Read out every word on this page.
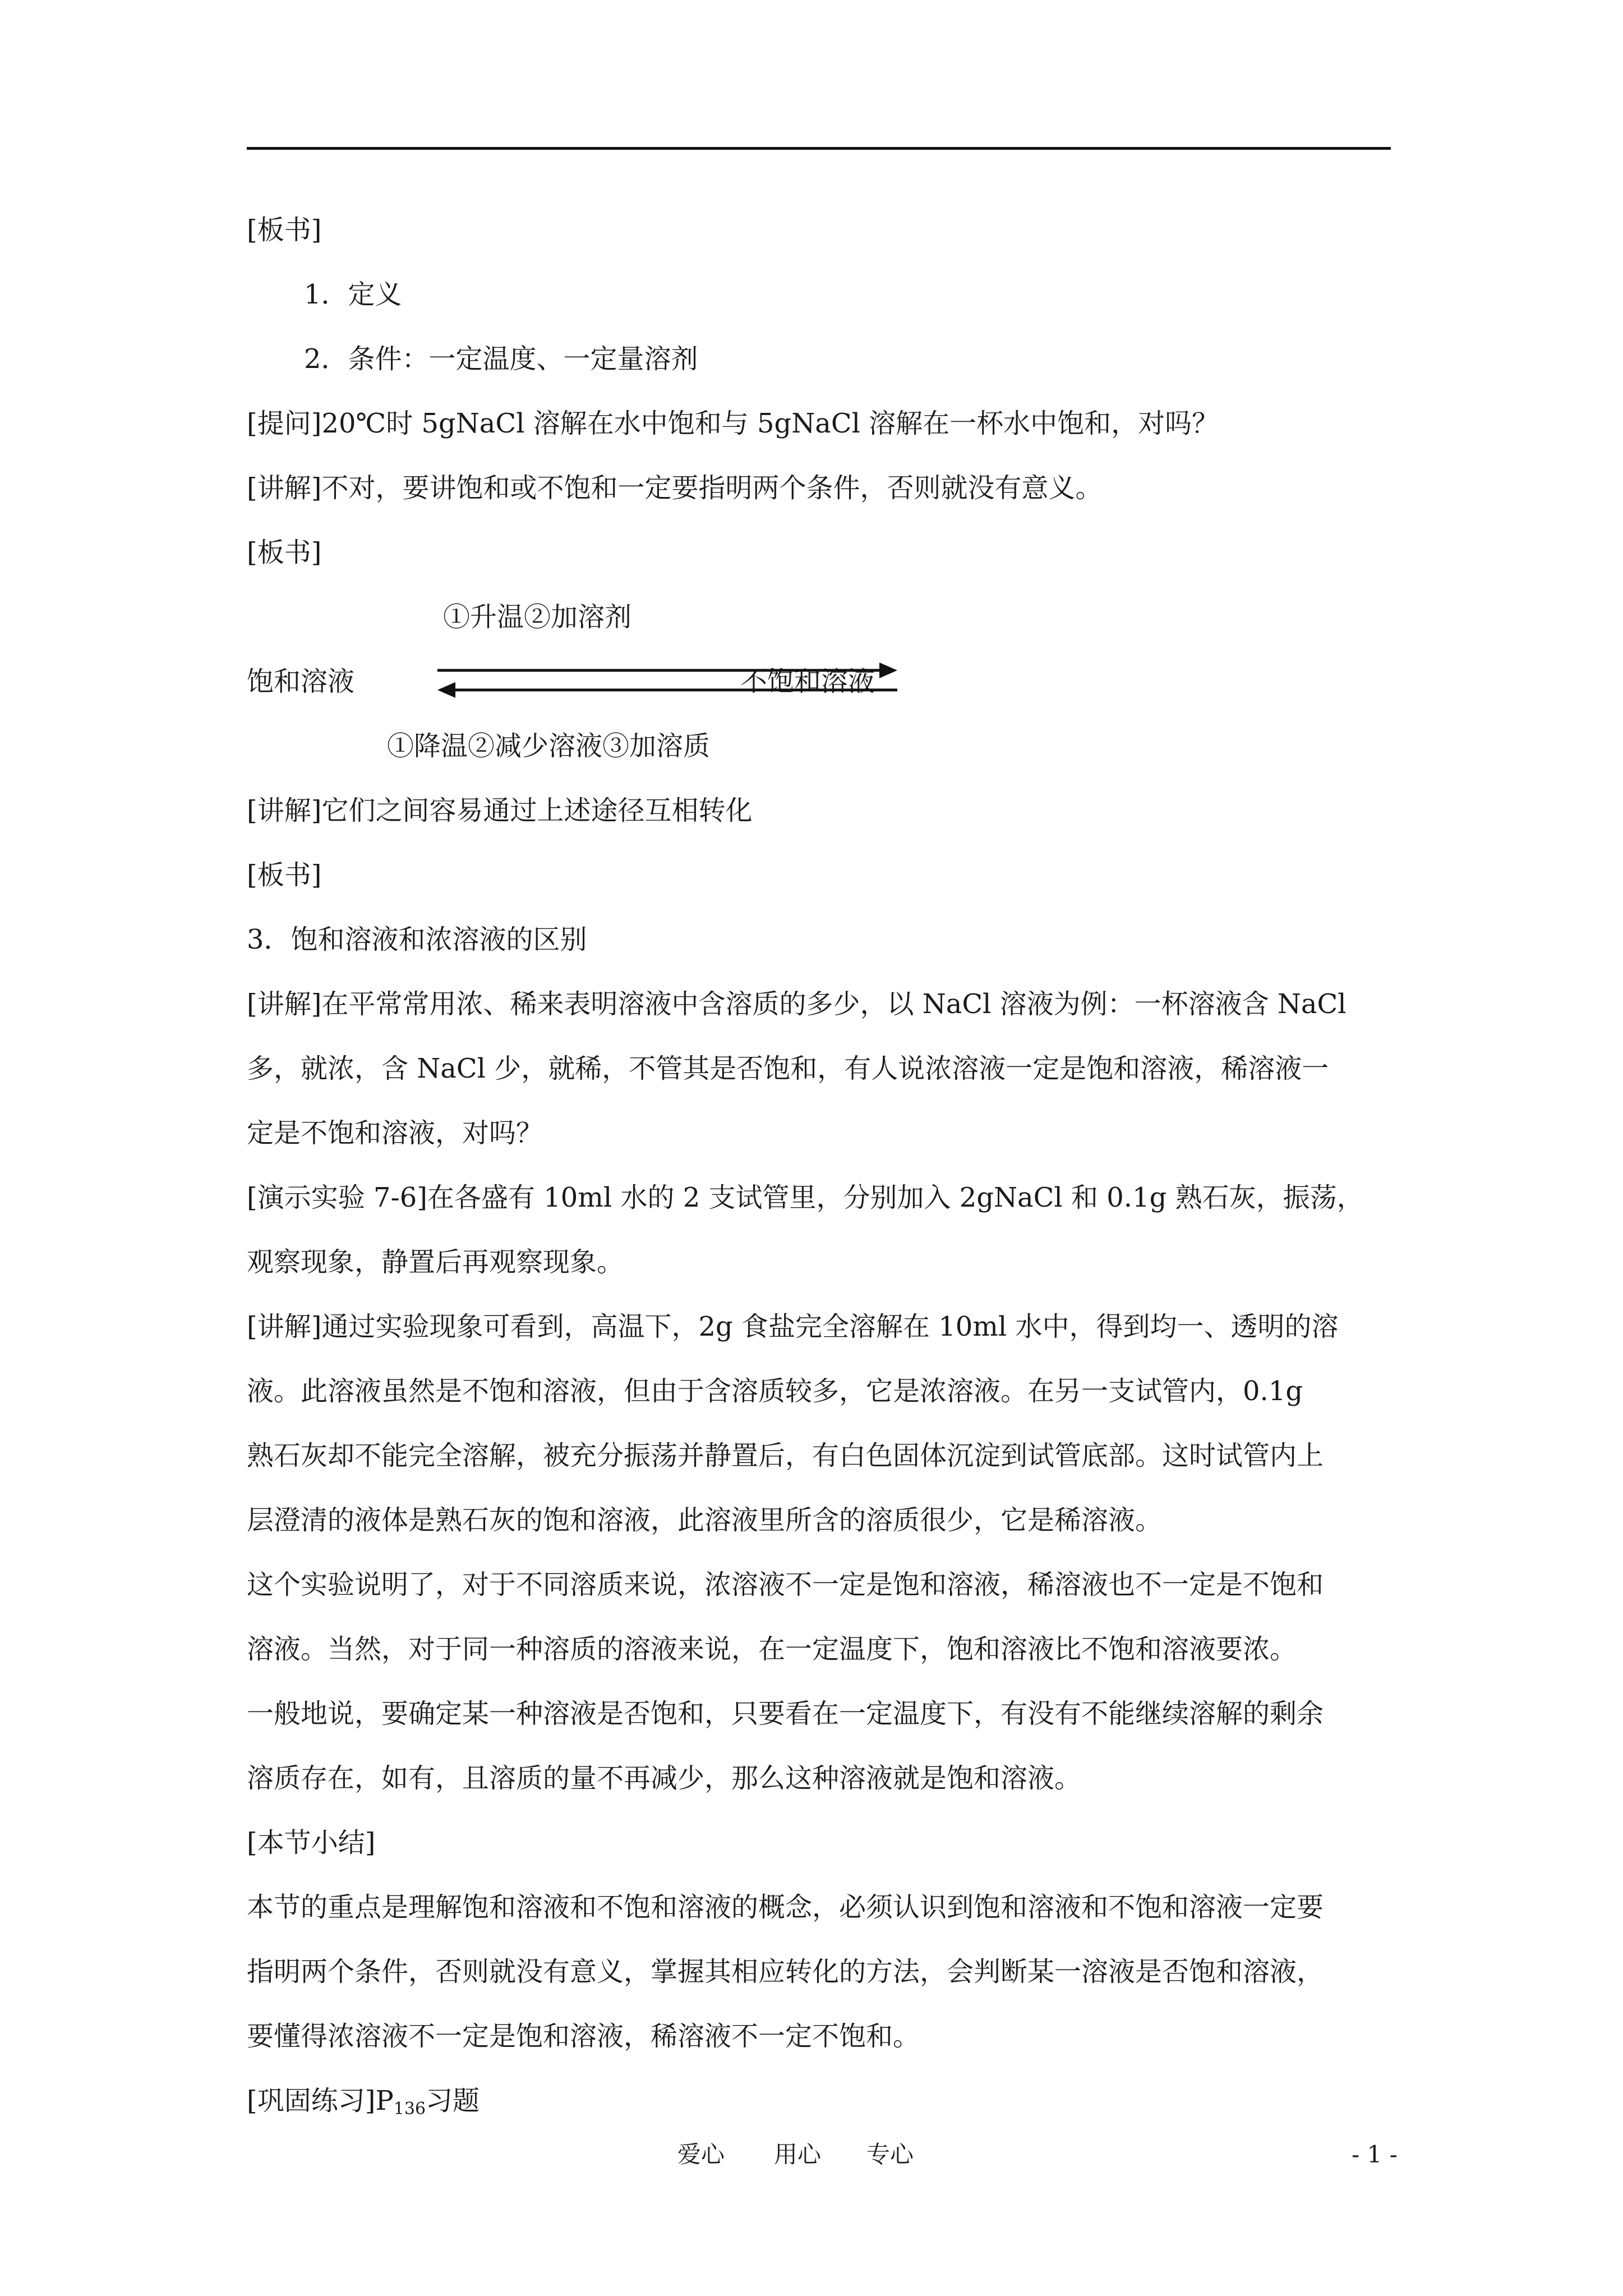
[板书]
1．定义
2．条件：一定温度、一定量溶剂
[提问]20℃时 5gNaCl 溶解在水中饱和与 5gNaCl 溶解在一杯水中饱和，对吗？
[讲解]不对，要讲饱和或不饱和一定要指明两个条件，否则就没有意义。
[板书]
①升温②加溶剂
饱和溶液	不饱和溶液
①降温②减少溶液③加溶质
[讲解]它们之间容易通过上述途径互相转化
[板书]
3．饱和溶液和浓溶液的区别
[讲解]在平常常用浓、稀来表明溶液中含溶质的多少，以 NaCl 溶液为例：一杯溶液含 NaCl
多，就浓，含 NaCl 少，就稀，不管其是否饱和，有人说浓溶液一定是饱和溶液，稀溶液一
定是不饱和溶液，对吗？
[演示实验 7-6]在各盛有 10ml 水的 2 支试管里，分别加入 2gNaCl 和 0.1g 熟石灰，振荡，
观察现象，静置后再观察现象。
[讲解]通过实验现象可看到，高温下，2g 食盐完全溶解在 10ml 水中，得到均一、透明的溶
液。此溶液虽然是不饱和溶液，但由于含溶质较多，它是浓溶液。在另一支试管内，0.1g
熟石灰却不能完全溶解，被充分振荡并静置后，有白色固体沉淀到试管底部。这时试管内上
层澄清的液体是熟石灰的饱和溶液，此溶液里所含的溶质很少，它是稀溶液。
这个实验说明了，对于不同溶质来说，浓溶液不一定是饱和溶液，稀溶液也不一定是不饱和
溶液。当然，对于同一种溶质的溶液来说，在一定温度下，饱和溶液比不饱和溶液要浓。
一般地说，要确定某一种溶液是否饱和，只要看在一定温度下，有没有不能继续溶解的剩余
溶质存在，如有，且溶质的量不再减少，那么这种溶液就是饱和溶液。
[本节小结]
本节的重点是理解饱和溶液和不饱和溶液的概念，必须认识到饱和溶液和不饱和溶液一定要
指明两个条件，否则就没有意义，掌握其相应转化的方法，会判断某一溶液是否饱和溶液，
要懂得浓溶液不一定是饱和溶液，稀溶液不一定不饱和。
[巩固练习]$P_{136}$习题
爱心 用心 专心	- 1 -
